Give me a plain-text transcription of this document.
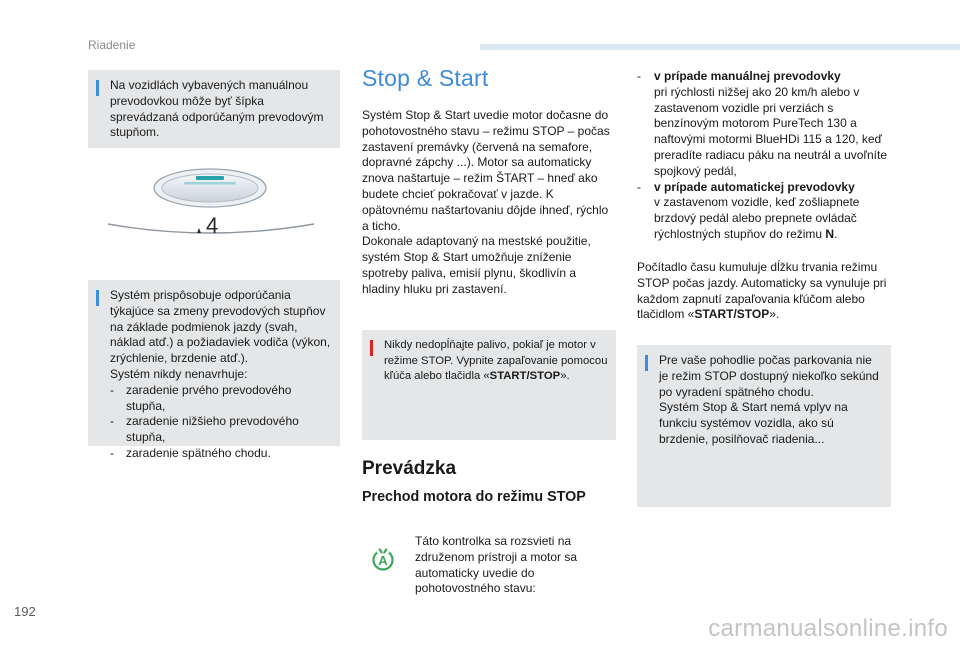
Riadenie
Na vozidlách vybavených manuálnou prevodovkou môže byť šípka sprevádzaná odporúčaným prevodovým stupňom.
4
Systém prispôsobuje odporúčania týkajúce sa zmeny prevodových stupňov na základe podmienok jazdy (svah, náklad atď.) a požiadaviek vodiča (výkon, zrýchlenie, brzdenie atď.).
Systém nikdy nenavrhuje:
- zaradenie prvého prevodového stupňa,
- zaradenie nižšieho prevodového stupňa,
- zaradenie spätného chodu.
Stop & Start
Systém Stop & Start uvedie motor dočasne do pohotovostného stavu – režimu STOP – počas zastavení premávky (červená na semafore, dopravné zápchy ...). Motor sa automaticky znova naštartuje – režim ŠTART – hneď ako budete chcieť pokračovať v jazde. K opätovnému naštartovaniu dôjde ihneď, rýchlo a ticho.
Dokonale adaptovaný na mestské použitie, systém Stop & Start umožňuje zníženie spotreby paliva, emisií plynu, škodlivín a hladiny hluku pri zastavení.
Nikdy nedopĺňajte palivo, pokiaľ je motor v režime STOP. Vypnite zapaľovanie pomocou kľúča alebo tlačidla «START/STOP».
Prevádzka
Prechod motora do režimu STOP
A
Táto kontrolka sa rozsvieti na združenom prístroji a motor sa automaticky uvedie do pohotovostného stavu:
- v prípade manuálnej prevodovky
pri rýchlosti nižšej ako 20 km/h alebo v zastavenom vozidle pri verziách s benzínovým motorom PureTech 130 a naftovými motormi BlueHDi 115 a 120, keď preradíte radiacu páku na neutrál a uvoľníte spojkový pedál,
- v prípade automatickej prevodovky
v zastavenom vozidle, keď zošliapnete brzdový pedál alebo prepnete ovládač rýchlostných stupňov do režimu N.
Počítadlo času kumuluje dĺžku trvania režimu STOP počas jazdy. Automaticky sa vynuluje pri každom zapnutí zapaľovania kľúčom alebo tlačidlom «START/STOP».
Pre vaše pohodlie počas parkovania nie je režim STOP dostupný niekoľko sekúnd po vyradení spätného chodu.
Systém Stop & Start nemá vplyv na funkciu systémov vozidla, ako sú brzdenie, posilňovač riadenia...
192
carmanualsonline.info
